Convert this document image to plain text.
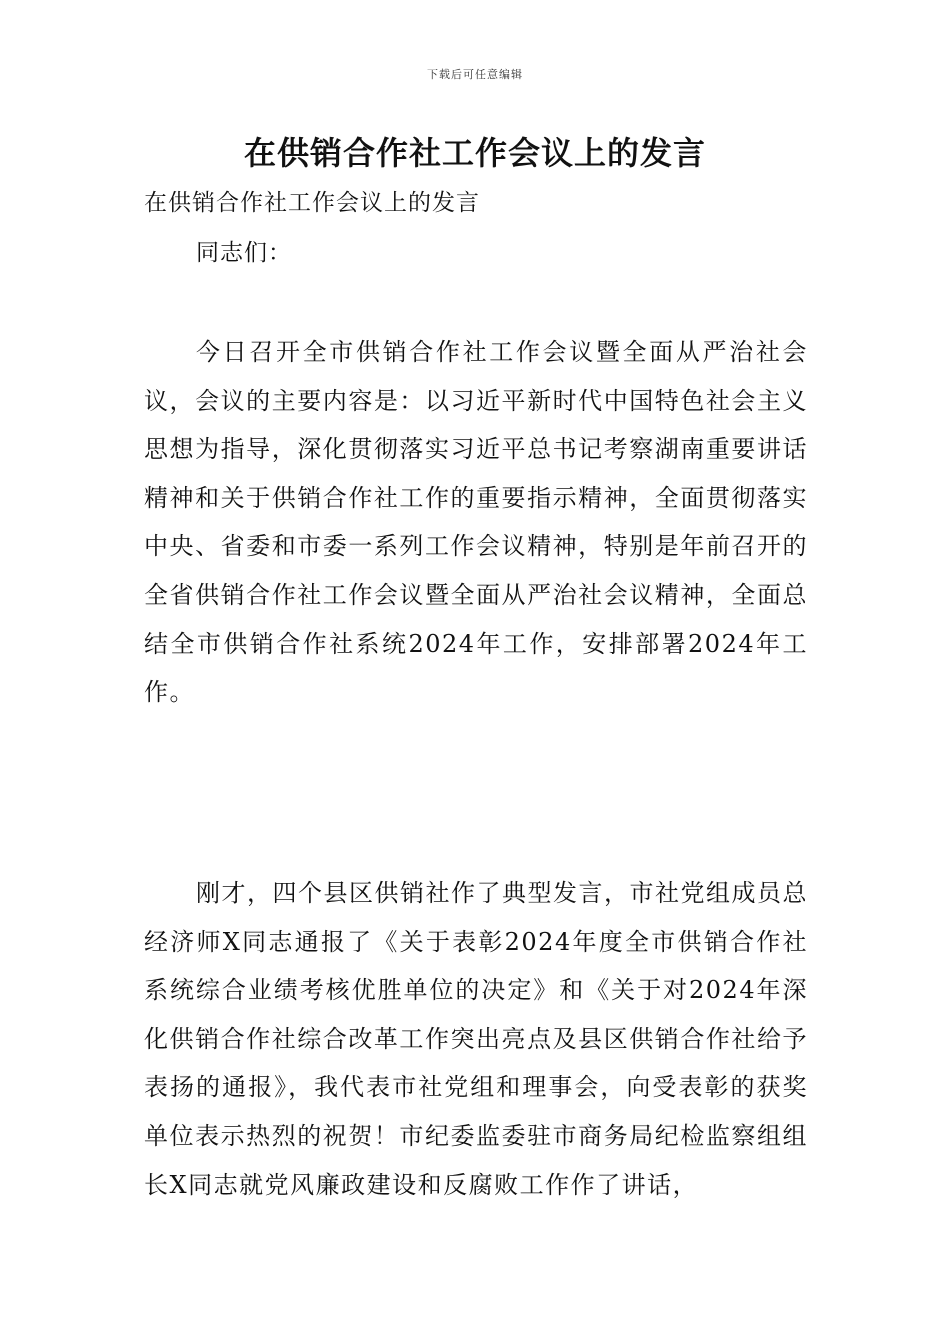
下载后可任意编辑
在供销合作社工作会议上的发言
在供销合作社工作会议上的发言
同志们：

今日召开全市供销合作社工作会议暨全面从严治社会议，会议的主要内容是：以习近平新时代中国特色社会主义思想为指导，深化贯彻落实习近平总书记考察湖南重要讲话精神和关于供销合作社工作的重要指示精神，全面贯彻落实中央、省委和市委一系列工作会议精神，特别是年前召开的全省供销合作社工作会议暨全面从严治社会议精神，全面总结全市供销合作社系统2024年工作，安排部署2024年工作。

刚才，四个县区供销社作了典型发言，市社党组成员总经济师X同志通报了《关于表彰2024年度全市供销合作社系统综合业绩考核优胜单位的决定》和《关于对2024年深化供销合作社综合改革工作突出亮点及县区供销合作社给予表扬的通报》，我代表市社党组和理事会，向受表彰的获奖单位表示热烈的祝贺！市纪委监委驻市商务局纪检监察组组长X同志就党风廉政建设和反腐败工作作了讲话，
